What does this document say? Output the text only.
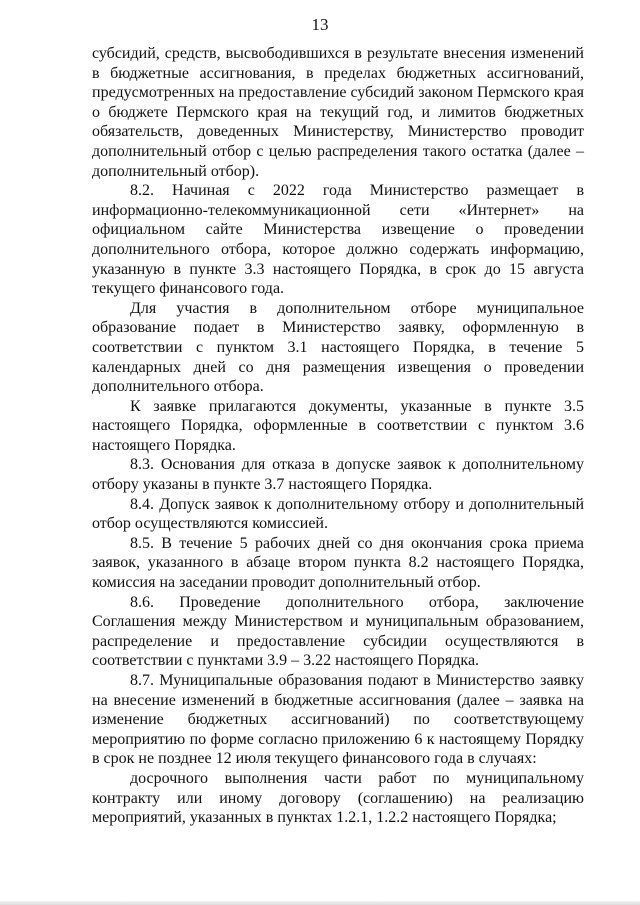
13

субсидий, средств, высвободившихся в результате внесения изменений в бюджетные ассигнования, в пределах бюджетных ассигнований, предусмотренных на предоставление субсидий законом Пермского края о бюджете Пермского края на текущий год, и лимитов бюджетных обязательств, доведенных Министерству, Министерство проводит дополнительный отбор с целью распределения такого остатка (далее – дополнительный отбор).

8.2. Начиная с 2022 года Министерство размещает в информационно-телекоммуникационной сети «Интернет» на официальном сайте Министерства извещение о проведении дополнительного отбора, которое должно содержать информацию, указанную в пункте 3.3 настоящего Порядка, в срок до 15 августа текущего финансового года.

Для участия в дополнительном отборе муниципальное образование подает в Министерство заявку, оформленную в соответствии с пунктом 3.1 настоящего Порядка, в течение 5 календарных дней со дня размещения извещения о проведении дополнительного отбора.

К заявке прилагаются документы, указанные в пункте 3.5 настоящего Порядка, оформленные в соответствии с пунктом 3.6 настоящего Порядка.

8.3. Основания для отказа в допуске заявок к дополнительному отбору указаны в пункте 3.7 настоящего Порядка.

8.4. Допуск заявок к дополнительному отбору и дополнительный отбор осуществляются комиссией.

8.5. В течение 5 рабочих дней со дня окончания срока приема заявок, указанного в абзаце втором пункта 8.2 настоящего Порядка, комиссия на заседании проводит дополнительный отбор.

8.6. Проведение дополнительного отбора, заключение Соглашения между Министерством и муниципальным образованием, распределение и предоставление субсидии осуществляются в соответствии с пунктами 3.9 – 3.22 настоящего Порядка.

8.7. Муниципальные образования подают в Министерство заявку на внесение изменений в бюджетные ассигнования (далее – заявка на изменение бюджетных ассигнований) по соответствующему мероприятию по форме согласно приложению 6 к настоящему Порядку в срок не позднее 12 июля текущего финансового года в случаях:

досрочного выполнения части работ по муниципальному контракту или иному договору (соглашению) на реализацию мероприятий, указанных в пунктах 1.2.1, 1.2.2 настоящего Порядка;
